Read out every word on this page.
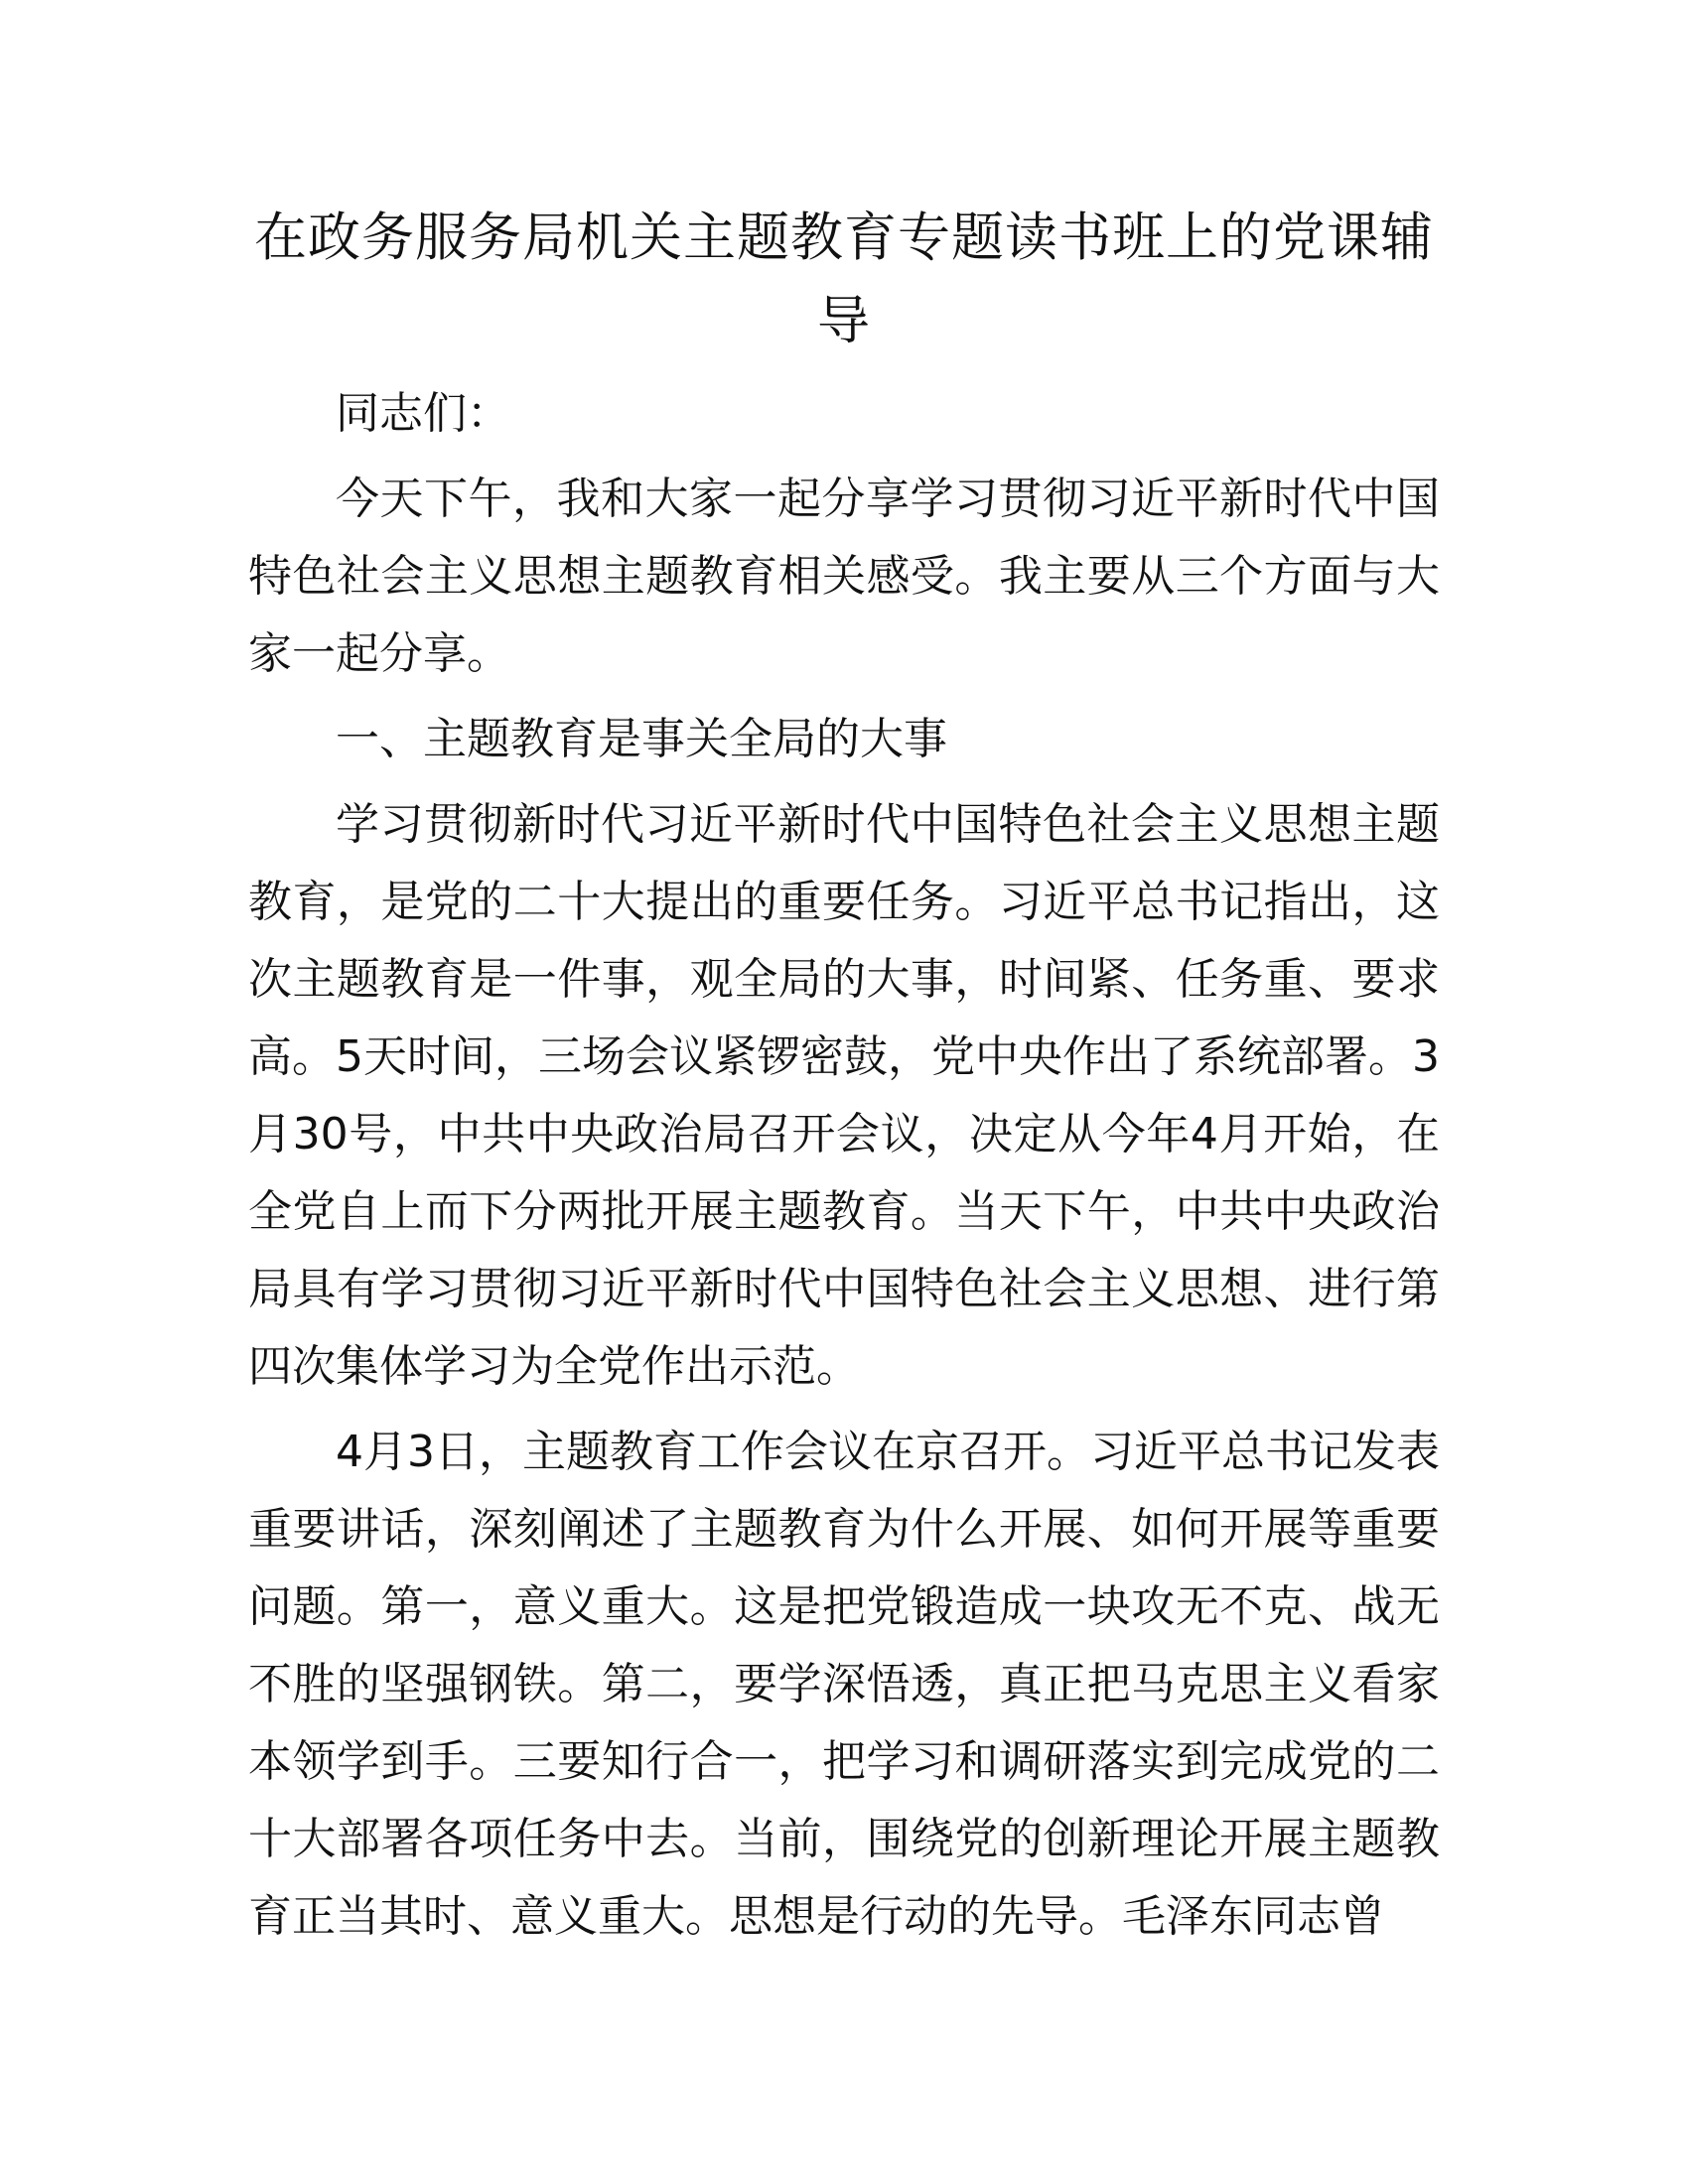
在政务服务局机关主题教育专题读书班上的党课辅导

同志们：

今天下午，我和大家一起分享学习贯彻习近平新时代中国特色社会主义思想主题教育相关感受。我主要从三个方面与大家一起分享。

一、主题教育是事关全局的大事

学习贯彻新时代习近平新时代中国特色社会主义思想主题教育，是党的二十大提出的重要任务。习近平总书记指出，这次主题教育是一件事，观全局的大事，时间紧、任务重、要求高。5天时间，三场会议紧锣密鼓，党中央作出了系统部署。3月30号，中共中央政治局召开会议，决定从今年4月开始，在全党自上而下分两批开展主题教育。当天下午，中共中央政治局具有学习贯彻习近平新时代中国特色社会主义思想、进行第四次集体学习为全党作出示范。

4月3日，主题教育工作会议在京召开。习近平总书记发表重要讲话，深刻阐述了主题教育为什么开展、如何开展等重要问题。第一，意义重大。这是把党锻造成一块攻无不克、战无不胜的坚强钢铁。第二，要学深悟透，真正把马克思主义看家本领学到手。三要知行合一，把学习和调研落实到完成党的二十大部署各项任务中去。当前，围绕党的创新理论开展主题教育正当其时、意义重大。思想是行动的先导。毛泽东同志曾
